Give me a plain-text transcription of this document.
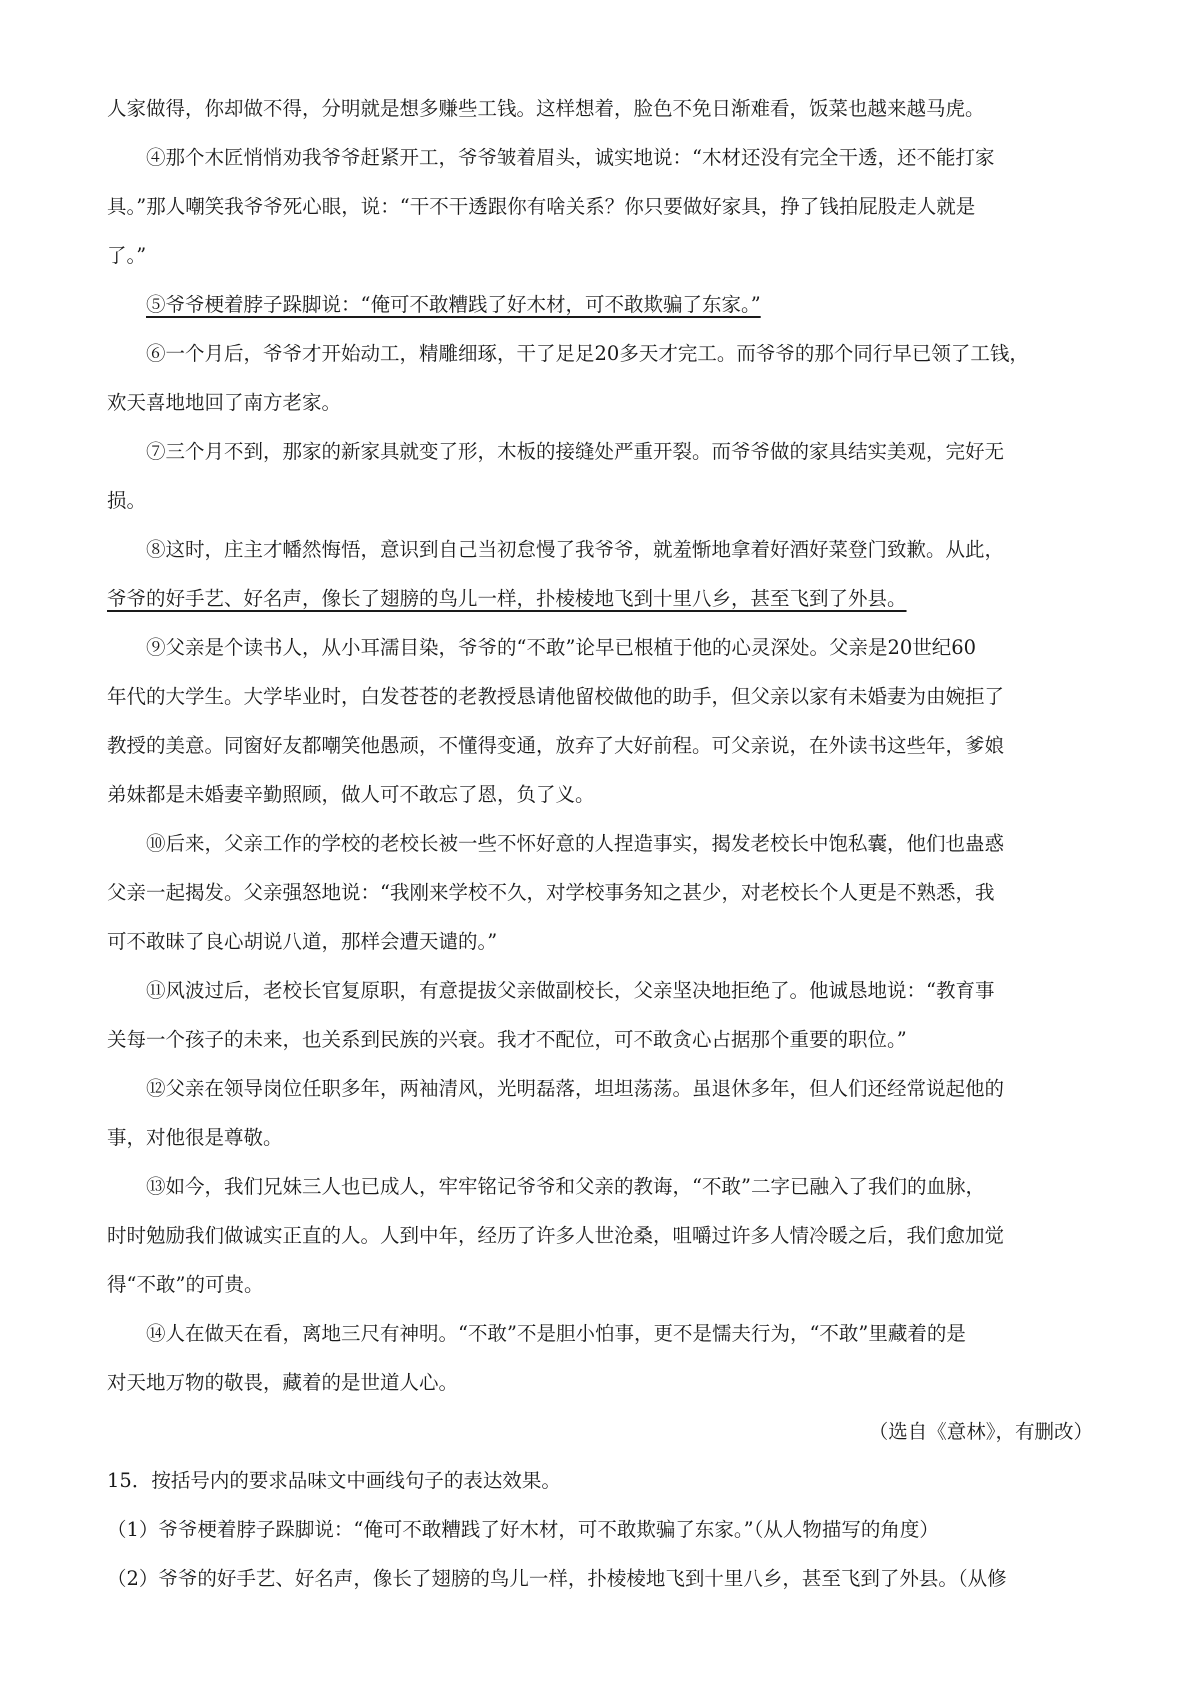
人家做得，你却做不得，分明就是想多赚些工钱。这样想着，脸色不免日渐难看，饭菜也越来越马虎。
④那个木匠悄悄劝我爷爷赶紧开工，爷爷皱着眉头，诚实地说：“木材还没有完全干透，还不能打家
具。”那人嘲笑我爷爷死心眼，说：“干不干透跟你有啥关系？你只要做好家具，挣了钱拍屁股走人就是
了。”
⑤爷爷梗着脖子跺脚说：“俺可不敢糟践了好木材，可不敢欺骗了东家。”
⑥一个月后，爷爷才开始动工，精雕细琢，干了足足20多天才完工。而爷爷的那个同行早已领了工钱，
欢天喜地地回了南方老家。
⑦三个月不到，那家的新家具就变了形，木板的接缝处严重开裂。而爷爷做的家具结实美观，完好无
损。
⑧这时，庄主才幡然悔悟，意识到自己当初怠慢了我爷爷，就羞惭地拿着好酒好菜登门致歉。从此，
爷爷的好手艺、好名声，像长了翅膀的鸟儿一样，扑棱棱地飞到十里八乡，甚至飞到了外县。
⑨父亲是个读书人，从小耳濡目染，爷爷的“不敢”论早已根植于他的心灵深处。父亲是20世纪60
年代的大学生。大学毕业时，白发苍苍的老教授恳请他留校做他的助手，但父亲以家有未婚妻为由婉拒了
教授的美意。同窗好友都嘲笑他愚顽，不懂得变通，放弃了大好前程。可父亲说，在外读书这些年，爹娘
弟妹都是未婚妻辛勤照顾，做人可不敢忘了恩，负了义。
⑩后来，父亲工作的学校的老校长被一些不怀好意的人捏造事实，揭发老校长中饱私囊，他们也蛊惑
父亲一起揭发。父亲强怒地说：“我刚来学校不久，对学校事务知之甚少，对老校长个人更是不熟悉，我
可不敢昧了良心胡说八道，那样会遭天谴的。”
⑪风波过后，老校长官复原职，有意提拔父亲做副校长，父亲坚决地拒绝了。他诚恳地说：“教育事
关每一个孩子的未来，也关系到民族的兴衰。我才不配位，可不敢贪心占据那个重要的职位。”
⑫父亲在领导岗位任职多年，两袖清风，光明磊落，坦坦荡荡。虽退休多年，但人们还经常说起他的
事，对他很是尊敬。
⑬如今，我们兄妹三人也已成人，牢牢铭记爷爷和父亲的教诲，“不敢”二字已融入了我们的血脉，
时时勉励我们做诚实正直的人。人到中年，经历了许多人世沧桑，咀嚼过许多人情冷暖之后，我们愈加觉
得“不敢”的可贵。
⑭人在做天在看，离地三尺有神明。“不敢”不是胆小怕事，更不是懦夫行为，“不敢”里藏着的是
对天地万物的敬畏，藏着的是世道人心。
（选自《意林》，有删改）
15．按括号内的要求品味文中画线句子的表达效果。
（1）爷爷梗着脖子跺脚说：“俺可不敢糟践了好木材，可不敢欺骗了东家。”（从人物描写的角度）
（2）爷爷的好手艺、好名声，像长了翅膀的鸟儿一样，扑棱棱地飞到十里八乡，甚至飞到了外县。（从修
